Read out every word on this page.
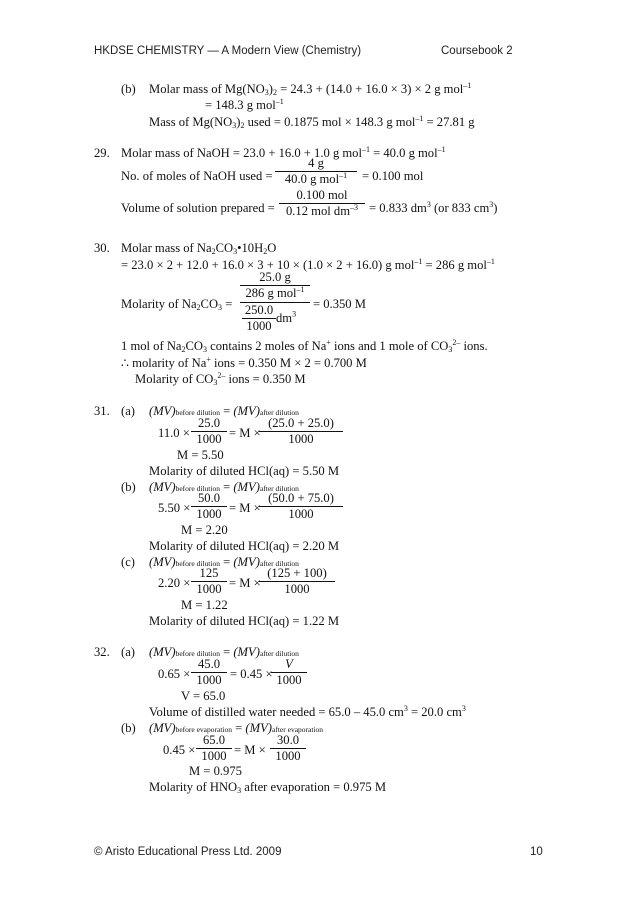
HKDSE CHEMISTRY — A Modern View (Chemistry)	Coursebook 2
(b) Molar mass of $Mg(NO_3)_2 = 24.3 + (14.0 + 16.0 \times 3) \times 2$ g mol$^{-1}$
= 148.3 g mol$^{-1}$
Mass of $Mg(NO_3)_2$ used = 0.1875 mol × 148.3 g mol$^{-1}$ = 27.81 g
29. Molar mass of NaOH = 23.0 + 16.0 + 1.0 g mol$^{-1}$ = 40.0 g mol$^{-1}$
No. of moles of NaOH used =
4 g
40.0 g mol$^{-1}$	= 0.100 mol
Volume of solution prepared =
0.100 mol
0.12 mol $dm^{-3} = 0.833$ $dm^3$ (or 833 $cm^3$)
30. Molar mass of $Na_2CO_3•10H_2O$
= 23.0 × 2 + 12.0 + 16.0 × 3 + 10 × (1.0 × 2 + 16.0) g mol$^{-1}$ = 286 g mol$^{-1}$
Molarity of $Na_2CO_3$ =
25.0 g
286 g mol$^{-1}$
$\frac{250.0}{1000} dm^3$
= 0.350 M
1 mol of $Na_2CO_3$ contains 2 moles of Na+ ions and 1 mole of $CO_3^{2-}$ ions.
∴ molarity of Na+ ions = 0.350 M × 2 = 0.700 M
Molarity of $CO_3^{2-}$ ions = 0.350 M
31. (a) (MV)before dilution = (MV)after dilution
11.0 ×
25.0
1000 = M ×
(25.0 + 25.0)
1000
M = 5.50
Molarity of diluted HCl(aq) = 5.50 M
(b) (MV)before dilution = (MV)after dilution
5.50 ×
50.0
1000 = M ×
(50.0 + 75.0)
1000
M = 2.20
Molarity of diluted HCl(aq) = 2.20 M
(c) (MV)before dilution = (MV)after dilution
2.20 ×
125
1000 = M ×
(125 + 100)
1000
M = 1.22
Molarity of diluted HCl(aq) = 1.22 M
32. (a) (MV)before dilution = (MV)after dilution
0.65 ×
45.0
1000 = 0.45 ×
V
1000
V = 65.0
Volume of distilled water needed = 65.0 – 45.0 $cm^3 = 20.0$ $cm^3$
(b) (MV)before evaporation = (MV)after evaporation
0.45 ×
65.0
1000 = M ×
30.0
1000
M = 0.975
Molarity of $HNO_3$ after evaporation = 0.975 M
© Aristo Educational Press Ltd. 2009	10
